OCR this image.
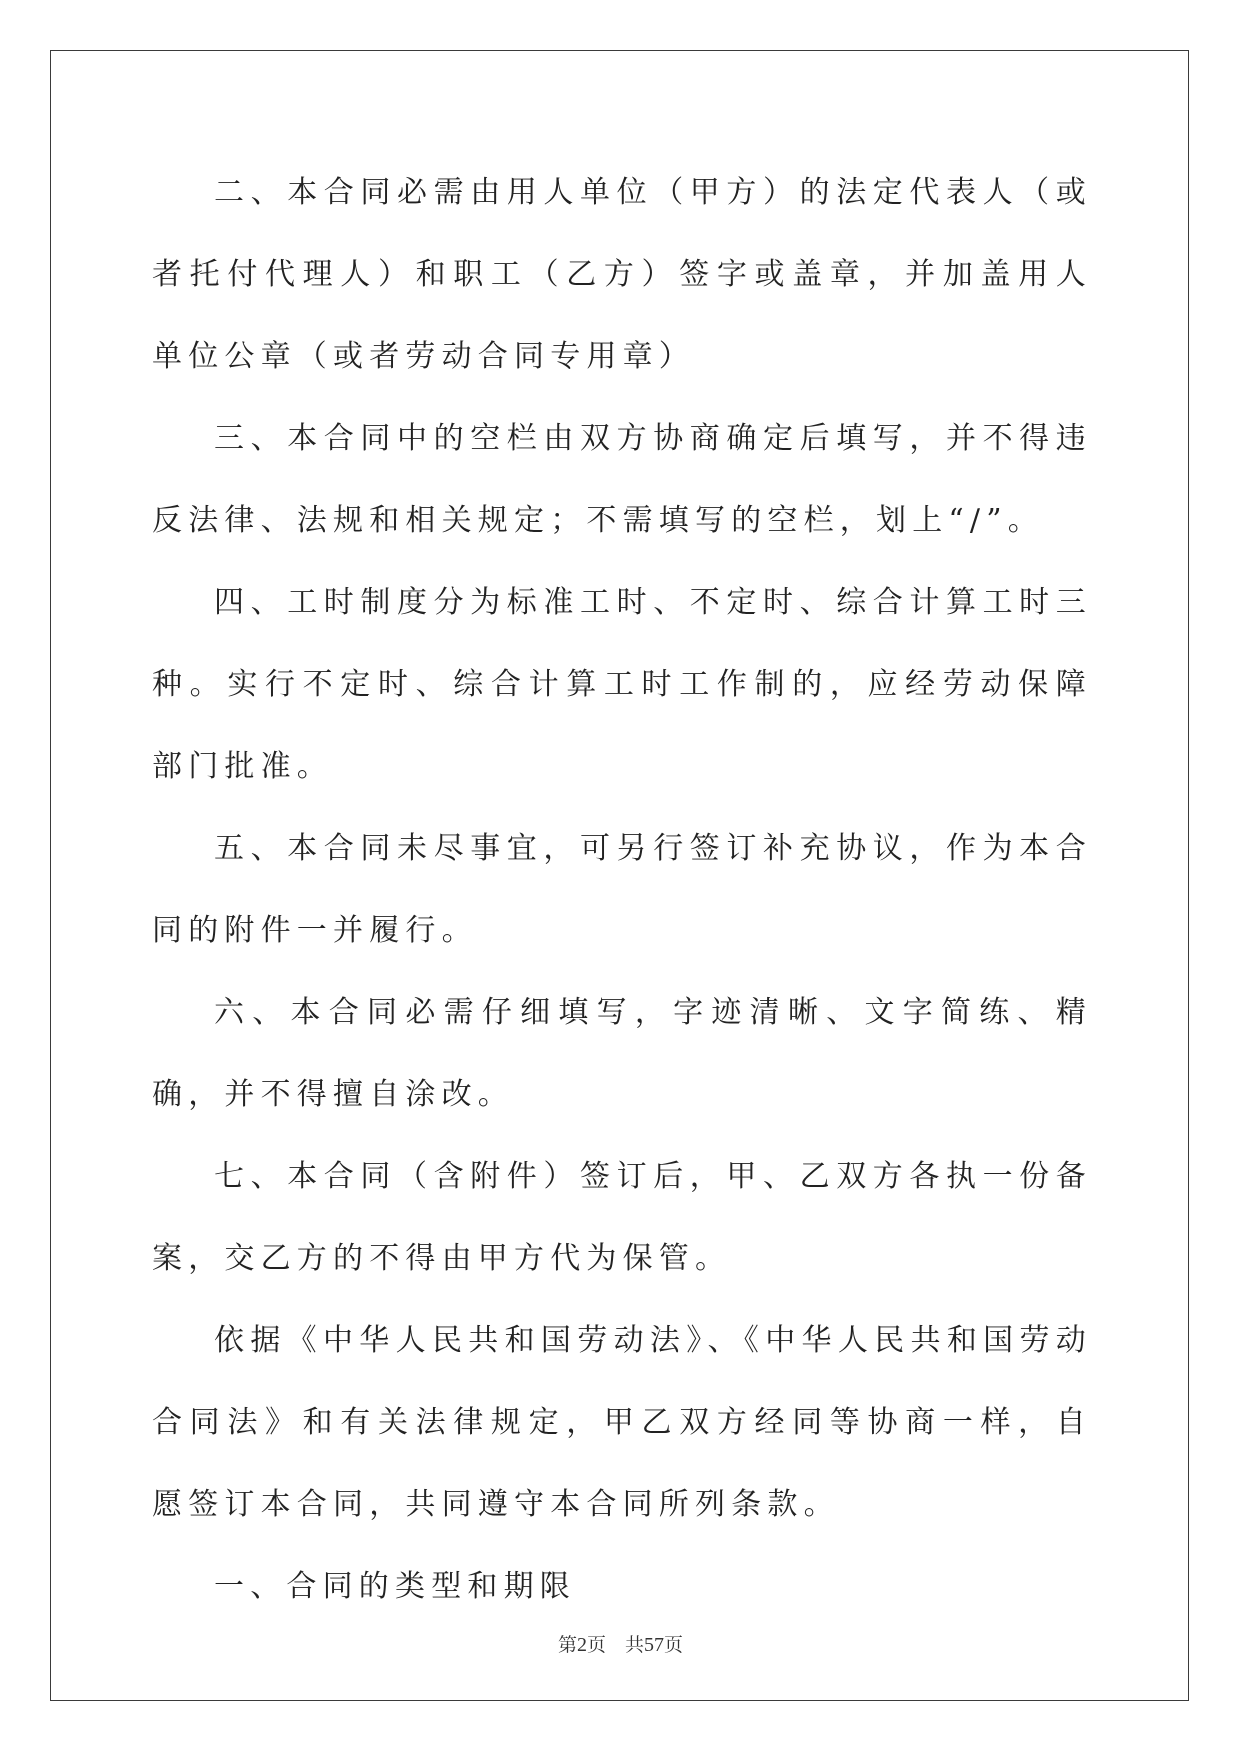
二、本合同必需由用人单位（甲方）的法定代表人（或者托付代理人）和职工（乙方）签字或盖章，并加盖用人单位公章（或者劳动合同专用章）

三、本合同中的空栏由双方协商确定后填写，并不得违反法律、法规和相关规定；不需填写的空栏，划上“/”。

四、工时制度分为标准工时、不定时、综合计算工时三种。实行不定时、综合计算工时工作制的，应经劳动保障部门批准。

五、本合同未尽事宜，可另行签订补充协议，作为本合同的附件一并履行。

六、本合同必需仔细填写，字迹清晰、文字简练、精确，并不得擅自涂改。

七、本合同（含附件）签订后，甲、乙双方各执一份备案，交乙方的不得由甲方代为保管。

依据《中华人民共和国劳动法》、《中华人民共和国劳动合同法》和有关法律规定，甲乙双方经同等协商一样，自愿签订本合同，共同遵守本合同所列条款。

一、合同的类型和期限

第2页 共57页
